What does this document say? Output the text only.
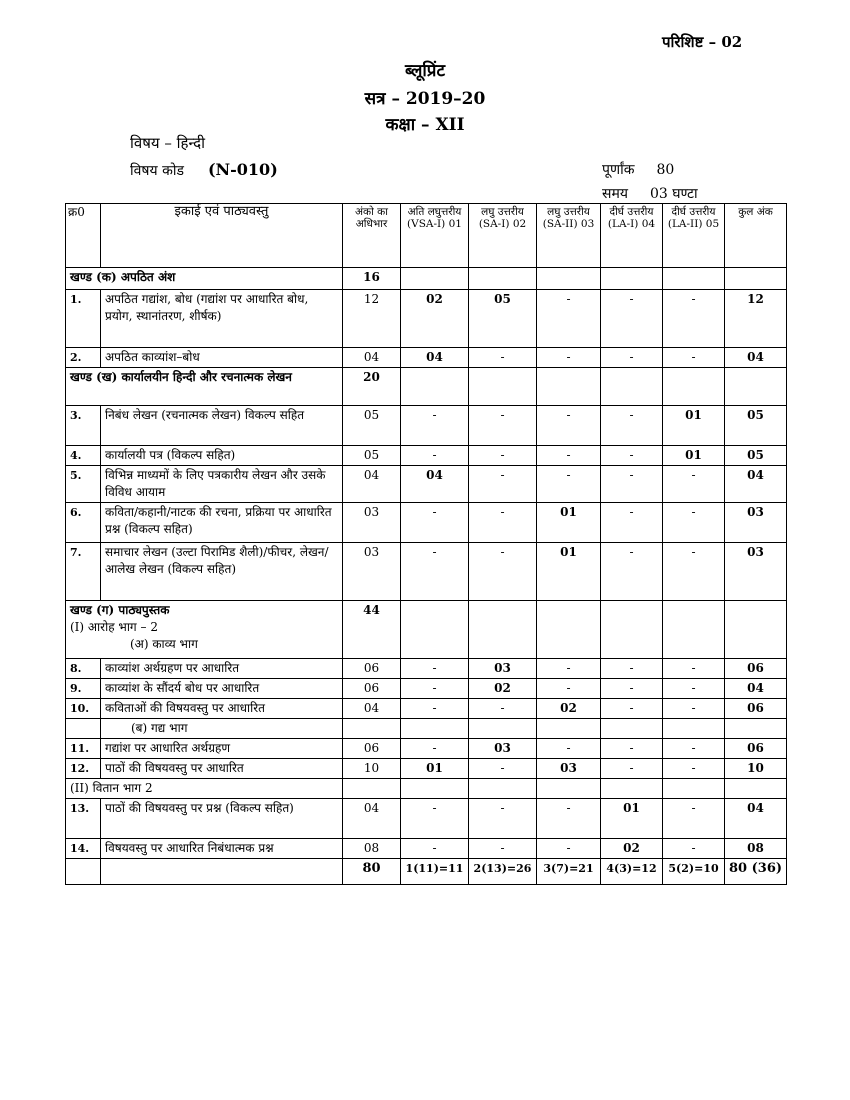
परिशिष्ट – 02
ब्लूप्रिंट
सत्र – 2019–20
कक्षा – XII
विषय – हिन्दी
विषय कोड (N-010)	पूर्णांक 80
समय 03 घण्टा
क्र0	इकाई एवं पाठ्यवस्तु	अंको का अधिभार	अति लघुत्तरीय (VSA-I) 01	लघु उत्तरीय (SA-I) 02	लघु उत्तरीय (SA-II) 03	दीर्घ उत्तरीय (LA-I) 04	दीर्घ उत्तरीय (LA-II) 05	कुल अंक
खण्ड (क) अपठित अंश		16						
1.	अपठित गद्यांश, बोध (गद्यांश पर आधारित बोध, प्रयोग, स्थानांतरण, शीर्षक)	12	02	05	-	-	-	12
2.	अपठित काव्यांश–बोध	04	04	-	-	-	-	04
खण्ड (ख) कार्यालयीन हिन्दी और रचनात्मक लेखन		20						
3.	निबंध लेखन (रचनात्मक लेखन) विकल्प सहित	05	-	-	-	-	01	05
4.	कार्यालयी पत्र (विकल्प सहित)	05	-	-	-	-	01	05
5.	विभिन्न माध्यमों के लिए पत्रकारीय लेखन और उसके विविध आयाम	04	04	-	-	-	-	04
6.	कविता/कहानी/नाटक की रचना, प्रक्रिया पर आधारित प्रश्न (विकल्प सहित)	03	-	-	01	-	-	03
7.	समाचार लेखन (उल्टा पिरामिड शैली)/फीचर, लेखन/आलेख लेखन (विकल्प सहित)	03	-	-	01	-	-	03

खण्ड (ग) पाठ्यपुस्तक
(I) आरोह भाग – 2
(अ) काव्य भाग		44						
8.	काव्यांश अर्थग्रहण पर आधारित	06	-	03	-	-	-	06
9.	काव्यांश के सौंदर्य बोध पर आधारित	06	-	02	-	-	-	04
10.	कविताओं की विषयवस्तु पर आधारित	04	-	-	02	-	-	06
	(ब) गद्य भाग							
11.	गद्यांश पर आधारित अर्थग्रहण	06	-	03	-	-	-	06
12.	पाठों की विषयवस्तु पर आधारित	10	01	-	03	-	-	10
(II) वितान भाग 2								
13.	पाठों की विषयवस्तु पर प्रश्न (विकल्प सहित)	04	-	-	-	01	-	04
14.	विषयवस्तु पर आधारित निबंधात्मक प्रश्न	08	-	-	-	02	-	08
		80	1(11)=11	2(13)=26	3(7)=21	4(3)=12	5(2)=10	80 (36)
